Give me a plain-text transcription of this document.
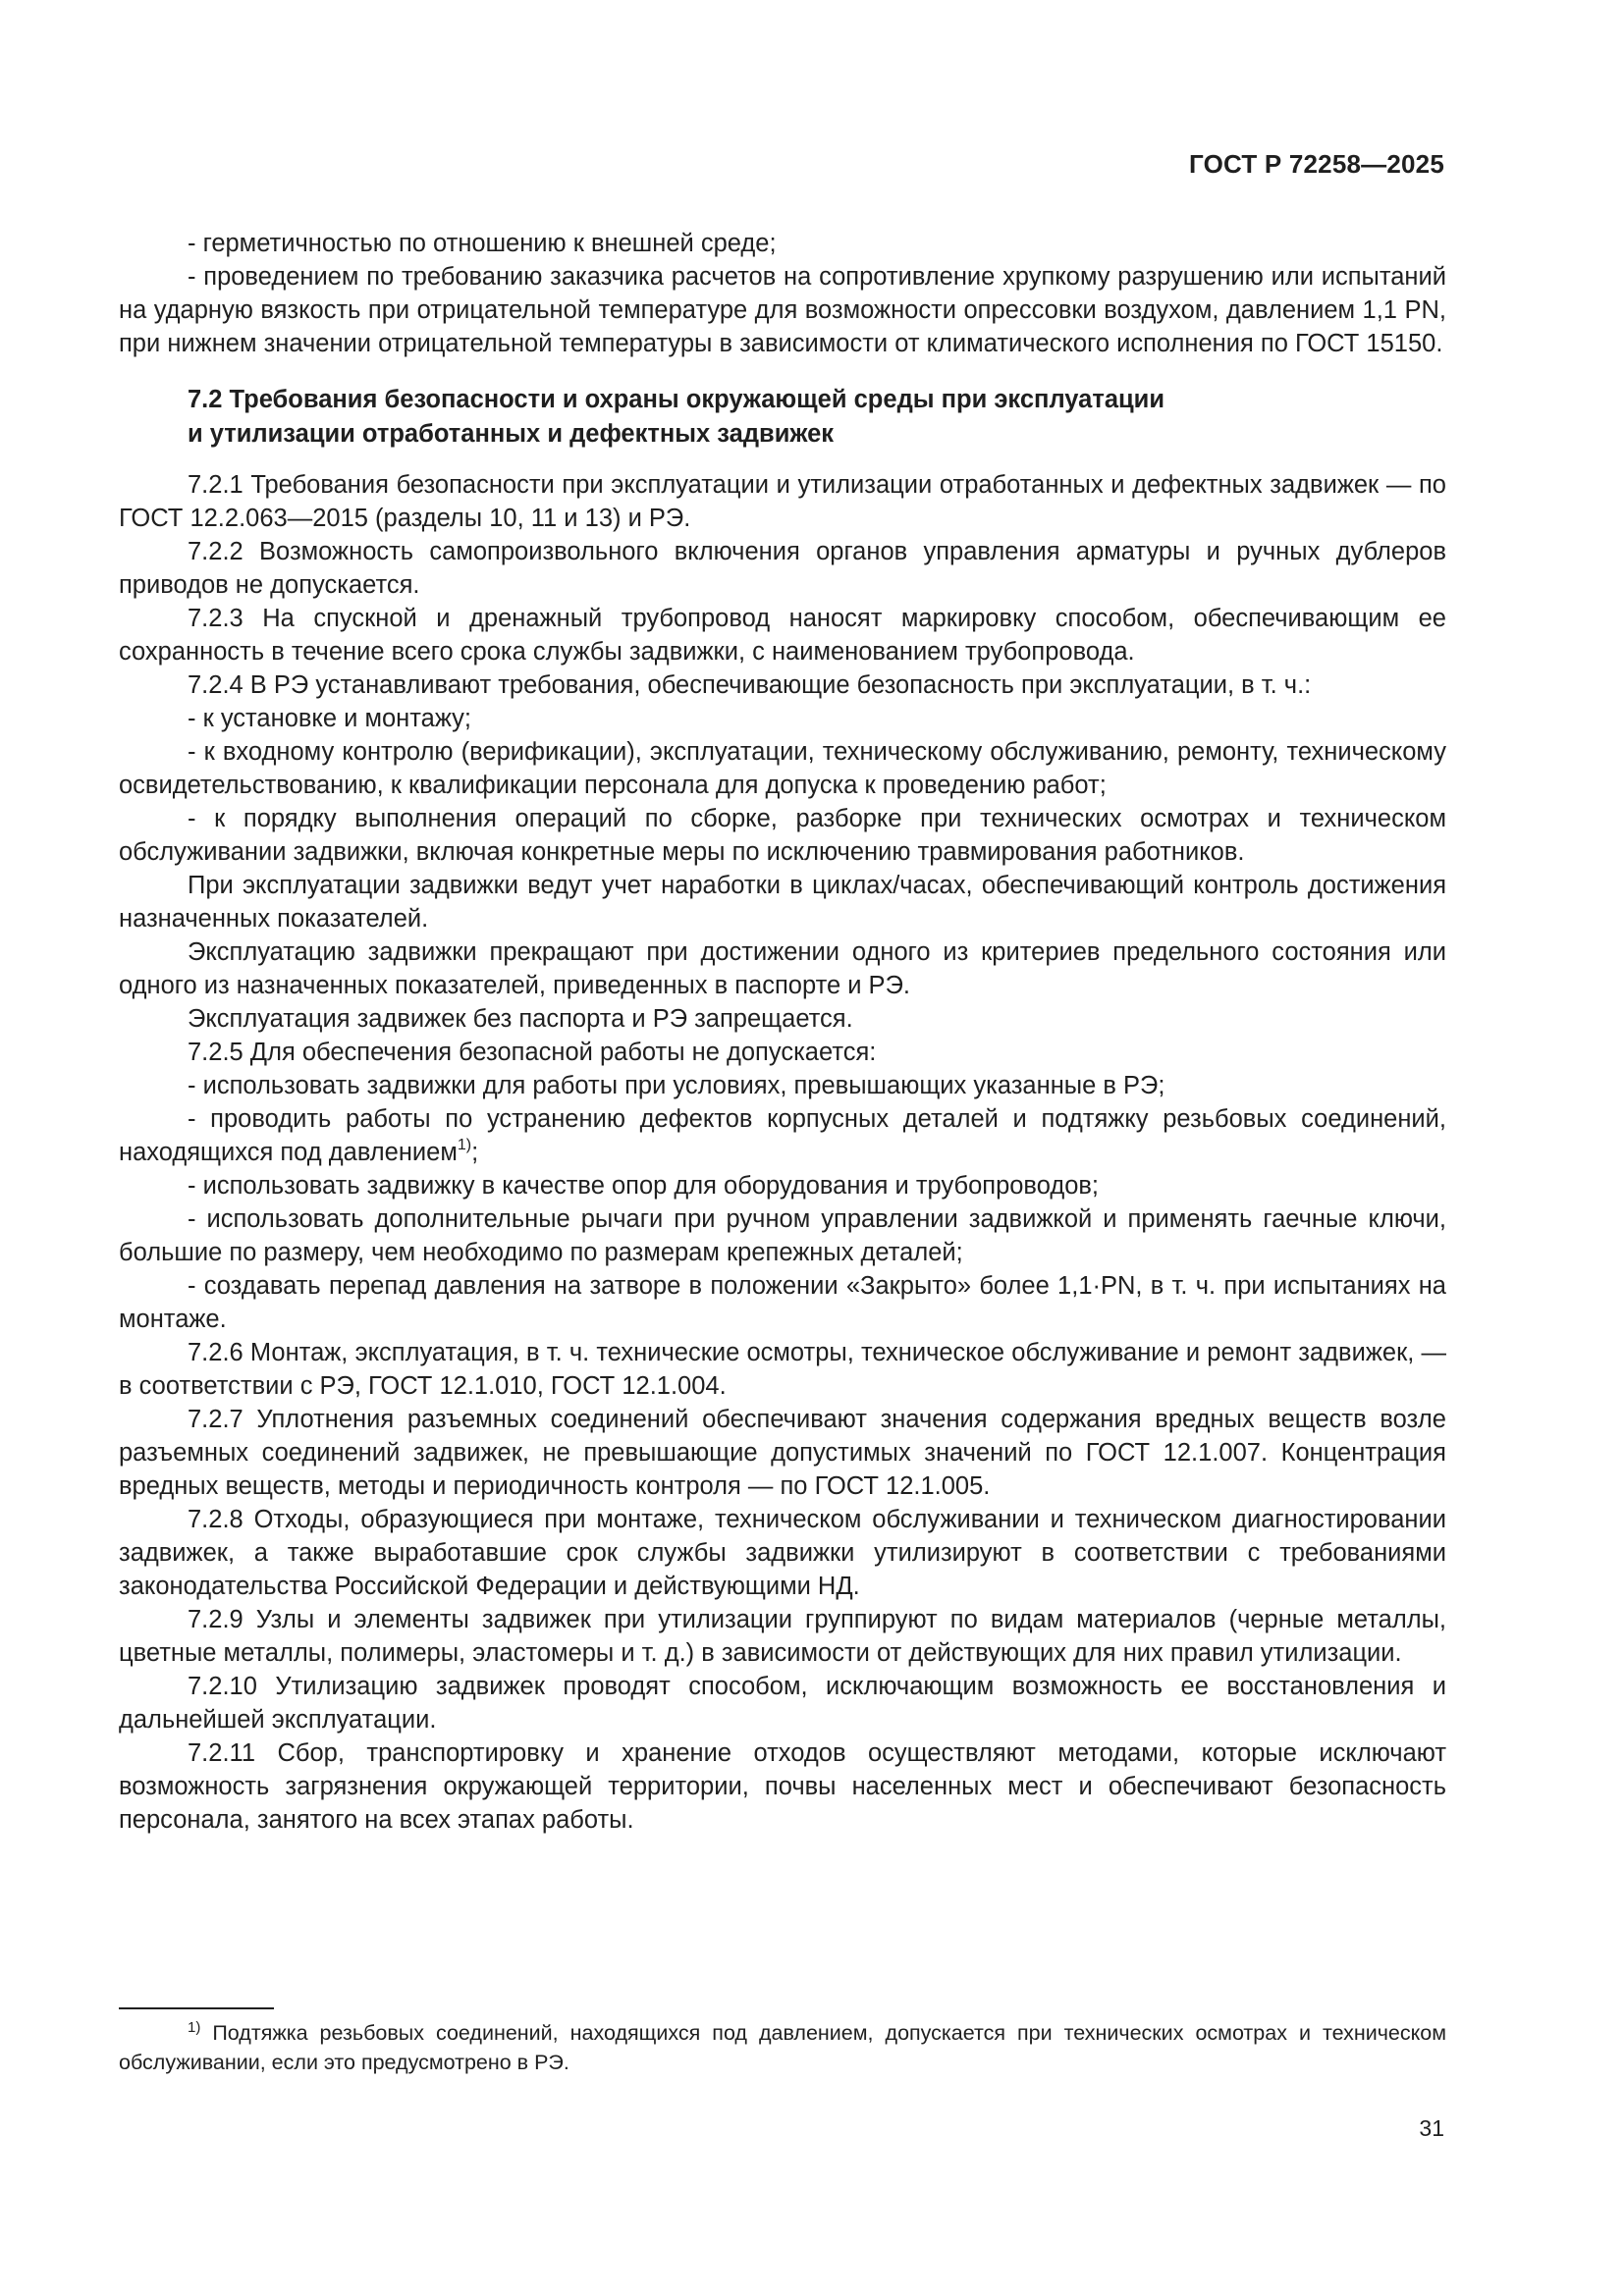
ГОСТ Р 72258—2025

- герметичностью по отношению к внешней среде;

- проведением по требованию заказчика расчетов на сопротивление хрупкому разрушению или испытаний на ударную вязкость при отрицательной температуре для возможности опрессовки воздухом, давлением 1,1 PN, при нижнем значении отрицательной температуры в зависимости от климатического исполнения по ГОСТ 15150.

7.2 Требования безопасности и охраны окружающей среды при эксплуатации
и утилизации отработанных и дефектных задвижек

7.2.1 Требования безопасности при эксплуатации и утилизации отработанных и дефектных задвижек — по ГОСТ 12.2.063—2015 (разделы 10, 11 и 13) и РЭ.

7.2.2 Возможность самопроизвольного включения органов управления арматуры и ручных дублеров приводов не допускается.

7.2.3 На спускной и дренажный трубопровод наносят маркировку способом, обеспечивающим ее сохранность в течение всего срока службы задвижки, с наименованием трубопровода.

7.2.4 В РЭ устанавливают требования, обеспечивающие безопасность при эксплуатации, в т. ч.:

- к установке и монтажу;

- к входному контролю (верификации), эксплуатации, техническому обслуживанию, ремонту, техническому освидетельствованию, к квалификации персонала для допуска к проведению работ;

- к порядку выполнения операций по сборке, разборке при технических осмотрах и техническом обслуживании задвижки, включая конкретные меры по исключению травмирования работников.

При эксплуатации задвижки ведут учет наработки в циклах/часах, обеспечивающий контроль достижения назначенных показателей.

Эксплуатацию задвижки прекращают при достижении одного из критериев предельного состояния или одного из назначенных показателей, приведенных в паспорте и РЭ.

Эксплуатация задвижек без паспорта и РЭ запрещается.

7.2.5 Для обеспечения безопасной работы не допускается:

- использовать задвижки для работы при условиях, превышающих указанные в РЭ;

- проводить работы по устранению дефектов корпусных деталей и подтяжку резьбовых соединений, находящихся под давлением$^{1)}$;

- использовать задвижку в качестве опор для оборудования и трубопроводов;

- использовать дополнительные рычаги при ручном управлении задвижкой и применять гаечные ключи, большие по размеру, чем необходимо по размерам крепежных деталей;

- создавать перепад давления на затворе в положении «Закрыто» более 1,1·PN, в т. ч. при испытаниях на монтаже.

7.2.6 Монтаж, эксплуатация, в т. ч. технические осмотры, техническое обслуживание и ремонт задвижек, — в соответствии с РЭ, ГОСТ 12.1.010, ГОСТ 12.1.004.

7.2.7 Уплотнения разъемных соединений обеспечивают значения содержания вредных веществ возле разъемных соединений задвижек, не превышающие допустимых значений по ГОСТ 12.1.007. Концентрация вредных веществ, методы и периодичность контроля — по ГОСТ 12.1.005.

7.2.8 Отходы, образующиеся при монтаже, техническом обслуживании и техническом диагностировании задвижек, а также выработавшие срок службы задвижки утилизируют в соответствии с требованиями законодательства Российской Федерации и действующими НД.

7.2.9 Узлы и элементы задвижек при утилизации группируют по видам материалов (черные металлы, цветные металлы, полимеры, эластомеры и т. д.) в зависимости от действующих для них правил утилизации.

7.2.10 Утилизацию задвижек проводят способом, исключающим возможность ее восстановления и дальнейшей эксплуатации.

7.2.11 Сбор, транспортировку и хранение отходов осуществляют методами, которые исключают возможность загрязнения окружающей территории, почвы населенных мест и обеспечивают безопасность персонала, занятого на всех этапах работы.

$^{1)}$ Подтяжка резьбовых соединений, находящихся под давлением, допускается при технических осмотрах и техническом обслуживании, если это предусмотрено в РЭ.
31
